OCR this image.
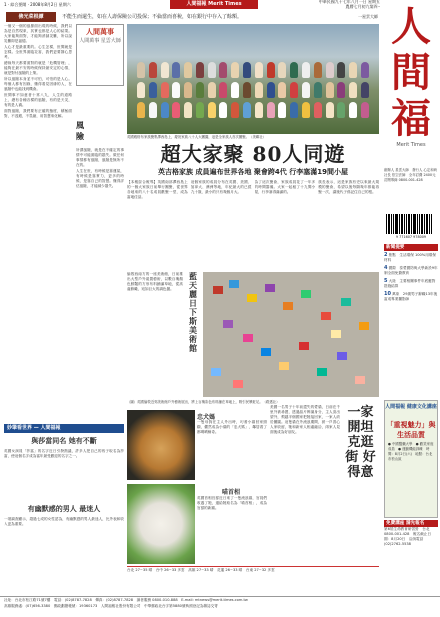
1 · 綜合要聞 · 2008年8月2日 星期六	人間福報 Merit Times	中華民國九十七年八月一日 星期五
農曆七月初九第四··
佛光菜根譚	不能生而還生，如在人壽保險公司投保；不倫當而喜稅，如在銀行中存入了餘額。	一星雲大師

一個又一個的風暴面出現的時候，我們以為是自然現象，其實也都是人心的結果。大家能夠面對，才能夠消滅災難，所以說災難即是福德。

人心才是最重要的。心生怎樣，世間就是怎樣。全世界面臨災害，我們更要靜心思考。

總裁每天都要面對的就是「危機管理」，能夠在最不安的時候保持最安定的心情，就是對付風險的上策。

所以風險本身並不可怕，可怕的是人心。每個人都有因緣，懂得看見因緣的人，在風險中也能找到機會。

世間事不如意者十常八九，人生的道路上，總有各種各樣的風險，有的是天災，有的是人禍。

面對風險，我們要有正確的態度，積極面對，不逃避，不畏縮，用智慧來化解。

人間萬事
人間萬事 星雲大師
風
險

所謂風險，就是在不確定的事情中可能面臨的損失。做任何事情都有風險，風險是無所不在的。

人生在世，有時候是靠運氣，有時候是靠實力，更多的時候，是靠自己的智慧。懂得評估風險，才能減少損失。

英國雅格布家族聚集澤西島上，慶祝家族八十人大團圓，這是全家族人首次團聚。（美聯社）
超大家聚 80人同遊
英吉格家族 成員遍布世界各地 聚會跨4代 行李塞滿19間小屋
【本報綜合報導】英國南部澤西島上的一個大家族日前舉行團聚，從世界各地來的八十名成員歡聚一堂，成為當地佳話。
這個家族的成員分布在英國、美國、加拿大、澳洲等地，年紀最大的已經九十歲，最小的只有幾個月大。
為了這次聚會，家族成員花了一年多的時間籌備。大家一起租了十九間小屋，行李塞得滿滿的。
族長表示，這是家族有史以來最大規模的聚會，希望以後每隔幾年都能再聚一次，讓後代子孫記住自己的根。
倫敦西南方的一座美術館，日前推出大型戶外裝置藝術，以數百塊顏色鮮豔的方形布料鋪滿草地，從高處俯瞰，宛如巨大的調色盤。
藍天麗日下斯美術館
（圖）英國倫敦近郊美術館戶外藝術展出，將上百塊彩色布料鋪在草地上，吸引民眾駐足。（路透社）
妙筆看世界 — 人間福報
與莎當同名 她有不斷
英國女演員「莎當」的名字近日引發熱議，許多人把自己的孩子取名為莎當，使這個名字成為當年最受歡迎的名字之一。
有幽默感的男人 最迷人
一項調查顯示，超過七成的女性認為，有幽默感的男人最迷人，比外表和收入更為重要。
忠犬媽
喵首相
一隻母狗在主人外出時，叼著小貓回家照顧，儼然成為小貓的「忠犬媽」，鄰居看了都嘖嘖稱奇。
英國首相官邸近日來了一隻流浪貓，官員們收養了牠，還給牠取名為「喵首相」，成為官邸的新寵。
美國一名男子十年前遺失的愛貓，日前在千里外被尋獲，透過晶片辨識身分，主人喜出望外，飛越半個國家把牠接回家，一家人終於團圓。這隻貓在外流浪期間，被一戶善心人家收留，牠和新家人相處融洽，兩家人見面後成為好朋友。
一家開坦克逛街 好得意
台北 27~35 晴　台中 26~33 多雲　高雄 27~33 晴　花蓮 26~33 晴　台東 27~32 多雲
社址：台北市松江路71號7樓　電話：(02)8787-7828　傳真：(02)8787-7828　讀者服務 0800-010-888　E-mail: mtnews@merit-times.com.tw
高雄服務處：(07)656-3380　郵政劃撥帳號：19360173　人間福報社股份有限公司　中華郵政北台字第5880號執照登記為雜誌交寄
人
間
福
Merit Times
創辦人 星雲大師　發行人 心定和尚　社長 依空法師　全年訂費 2400元　訂閱專線 0800-001-428
9 771607 978009
新聞提要
2 焦點　生活環保 100%用環保材料
4 國際　泰愛國防與大學新設9年制全面免費教育
5 大陸　主要相關事件年底應對措施結算
10 萬象　29歲男子辭職13年後當成專業攝影師
人間福報 健康文化講座
「重視魅力」與
生活品質
● 中國醫藥大學　● 歡笑家庭成員　● 運動機能訓練　時間：8月2日(六)　地點：台北市松山區
免費講座 請先報名
第6屆生命教育研習營　台北 0800-001-428　報名截止日期：8月20日　洽詢電話 (02)2762-5538
